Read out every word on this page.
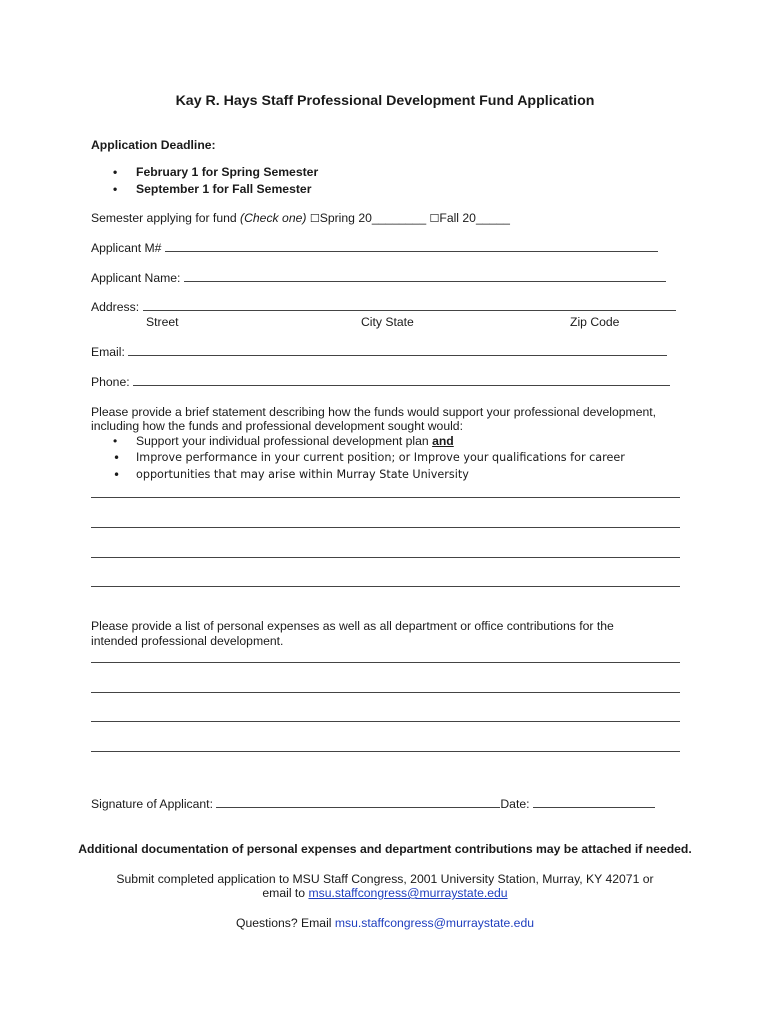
Kay R. Hays Staff Professional Development Fund Application
Application Deadline:
• February 1 for Spring Semester
• September 1 for Fall Semester
Semester applying for fund (Check one) ☐Spring 20________ ☐Fall 20_____
Applicant M#
Applicant Name:
Address:
Street	City State	Zip Code
Email:
Phone:
Please provide a brief statement describing how the funds would support your professional development,
including how the funds and professional development sought would:
• Support your individual professional development plan and
• Improve performance in your current position; or Improve your qualifications for career
• opportunities that may arise within Murray State University
Please provide a list of personal expenses as well as all department or office contributions for the
intended professional development.
Signature of Applicant:	Date:
Additional documentation of personal expenses and department contributions may be attached if needed.
Submit completed application to MSU Staff Congress, 2001 University Station, Murray, KY 42071 or
email to msu.staffcongress@murraystate.edu
Questions? Email msu.staffcongress@murraystate.edu
